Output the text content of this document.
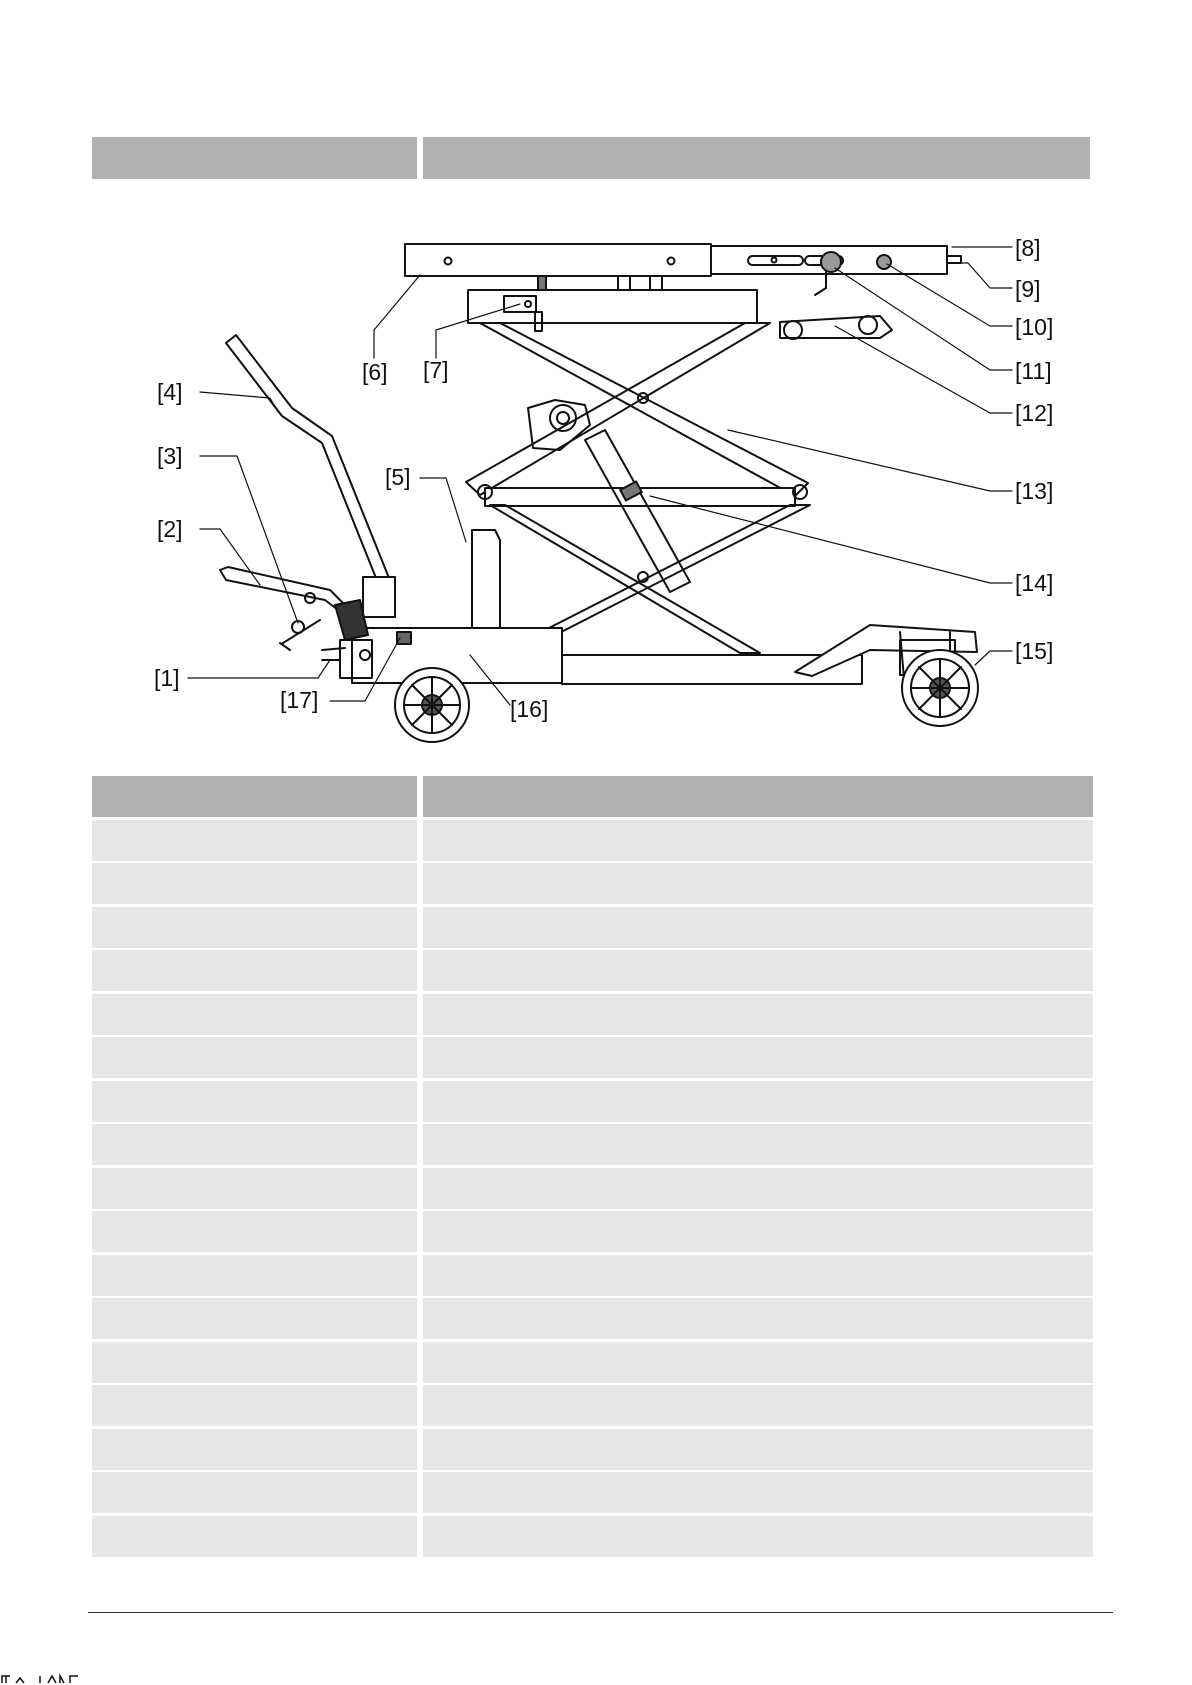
[1]
[2]
[3]
[4]
[5]
[6] [7]
[8]
[9]
[10]
[11]
[12]
[13]
[14]
[15]
[16]
[17]
